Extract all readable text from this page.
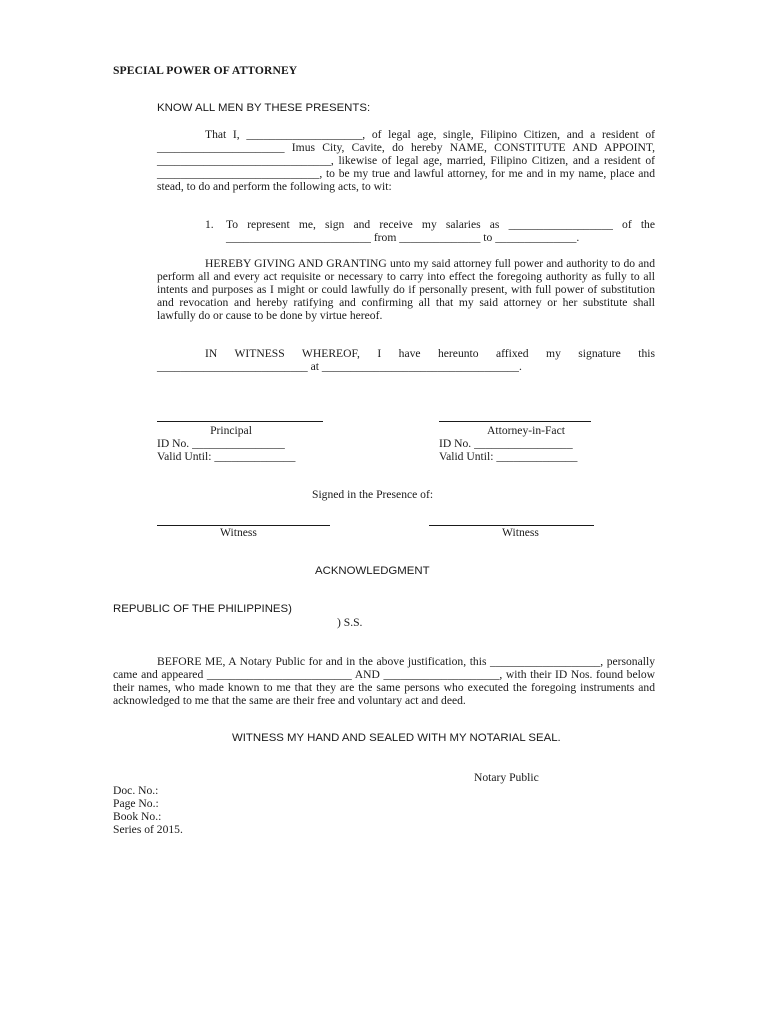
SPECIAL POWER OF ATTORNEY
KNOW ALL MEN BY THESE PRESENTS:

That I, ____________________, of legal age, single, Filipino Citizen, and a resident of ______________________ Imus City, Cavite, do hereby NAME, CONSTITUTE AND APPOINT, ______________________________, likewise of legal age, married, Filipino Citizen, and a resident of ____________________________, to be my true and lawful attorney, for me and in my name, place and stead, to do and perform the following acts, to wit:

1. To represent me, sign and receive my salaries as __________________ of the
_________________________ from ______________ to ______________.

HEREBY GIVING AND GRANTING unto my said attorney full power and authority to do and perform all and every act requisite or necessary to carry into effect the foregoing authority as fully to all intents and purposes as I might or could lawfully do if personally present, with full power of substitution and revocation and hereby ratifying and confirming all that my said attorney or her substitute shall lawfully do or cause to be done by virtue hereof.

IN WITNESS WHEREOF, I have hereunto affixed my signature this
__________________________ at __________________________________.
Principal
ID No. ________________
Valid Until: ______________
Attorney-in-Fact
ID No. _________________
Valid Until: ______________
Signed in the Presence of:
Witness	Witness
ACKNOWLEDGMENT
REPUBLIC OF THE PHILIPPINES)
) S.S.

BEFORE ME, A Notary Public for and in the above justification, this ___________________, personally came and appeared _________________________ AND ____________________, with their ID Nos. found below their names, who made known to me that they are the same persons who executed the foregoing instruments and acknowledged to me that the same are their free and voluntary act and deed.

WITNESS MY HAND AND SEALED WITH MY NOTARIAL SEAL.
Notary Public
Doc. No.:
Page No.:
Book No.:
Series of 2015.
